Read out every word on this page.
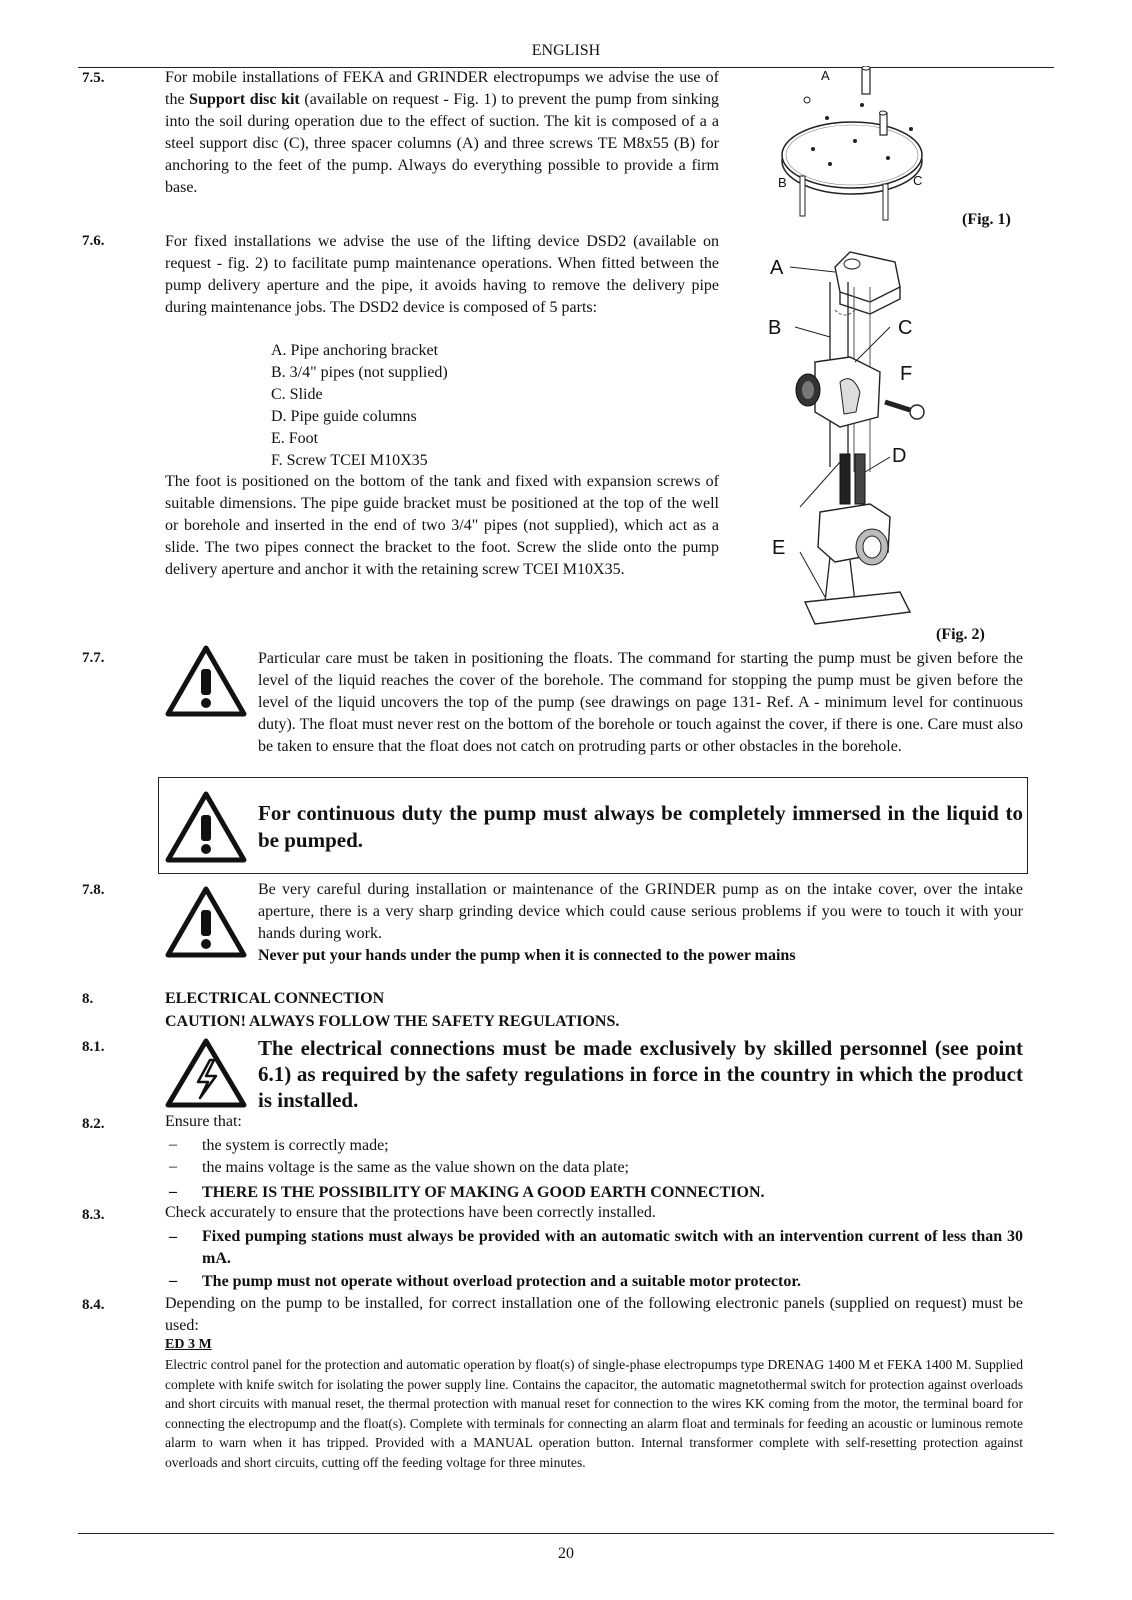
ENGLISH
7.5.	For mobile installations of FEKA and GRINDER electropumps we advise the use of the Support disc kit (available on request - Fig. 1) to prevent the pump from sinking into the soil during operation due to the effect of suction. The kit is composed of a a steel support disc (C), three spacer columns (A) and three screws TE M8x55 (B) for anchoring to the feet of the pump. Always do everything possible to provide a firm base.
A
B	C
(Fig. 1)
7.6.	For fixed installations we advise the use of the lifting device DSD2 (available on request - fig. 2) to facilitate pump maintenance operations. When fitted between the pump delivery aperture and the pipe, it avoids having to remove the delivery pipe during maintenance jobs. The DSD2 device is composed of 5 parts:
A. Pipe anchoring bracket
B. 3/4" pipes (not supplied)
C. Slide
D. Pipe guide columns
E. Foot
F. Screw TCEI M10X35
The foot is positioned on the bottom of the tank and fixed with expansion screws of suitable dimensions. The pipe guide bracket must be positioned at the top of the well or borehole and inserted in the end of two 3/4" pipes (not supplied), which act as a slide. The two pipes connect the bracket to the foot. Screw the slide onto the pump delivery aperture and anchor it with the retaining screw TCEI M10X35.
A
B	C
F
D
E
(Fig. 2)
7.7.	Particular care must be taken in positioning the floats. The command for starting the pump must be given before the level of the liquid reaches the cover of the borehole. The command for stopping the pump must be given before the level of the liquid uncovers the top of the pump (see drawings on page 131- Ref. A - minimum level for continuous duty). The float must never rest on the bottom of the borehole or touch against the cover, if there is one. Care must also be taken to ensure that the float does not catch on protruding parts or other obstacles in the borehole.
For continuous duty the pump must always be completely immersed in the liquid to be pumped.
7.8.	Be very careful during installation or maintenance of the GRINDER pump as on the intake cover, over the intake aperture, there is a very sharp grinding device which could cause serious problems if you were to touch it with your hands during work.
Never put your hands under the pump when it is connected to the power mains
8.	ELECTRICAL CONNECTION
CAUTION! ALWAYS FOLLOW THE SAFETY REGULATIONS.
8.1.	The electrical connections must be made exclusively by skilled personnel (see point 6.1) as required by the safety regulations in force in the country in which the product is installed.
8.2.	Ensure that:
– the system is correctly made;
– the mains voltage is the same as the value shown on the data plate;
– THERE IS THE POSSIBILITY OF MAKING A GOOD EARTH CONNECTION.
8.3.	Check accurately to ensure that the protections have been correctly installed.
– Fixed pumping stations must always be provided with an automatic switch with an intervention current of less than 30 mA.
– The pump must not operate without overload protection and a suitable motor protector.
8.4.	Depending on the pump to be installed, for correct installation one of the following electronic panels (supplied on request) must be used:
ED 3 M
Electric control panel for the protection and automatic operation by float(s) of single-phase electropumps type DRENAG 1400 M et FEKA 1400 M. Supplied complete with knife switch for isolating the power supply line. Contains the capacitor, the automatic magnetothermal switch for protection against overloads and short circuits with manual reset, the thermal protection with manual reset for connection to the wires KK coming from the motor, the terminal board for connecting the electropump and the float(s). Complete with terminals for connecting an alarm float and terminals for feeding an acoustic or luminous remote alarm to warn when it has tripped. Provided with a MANUAL operation button. Internal transformer complete with self-resetting protection against overloads and short circuits, cutting off the feeding voltage for three minutes.
20
